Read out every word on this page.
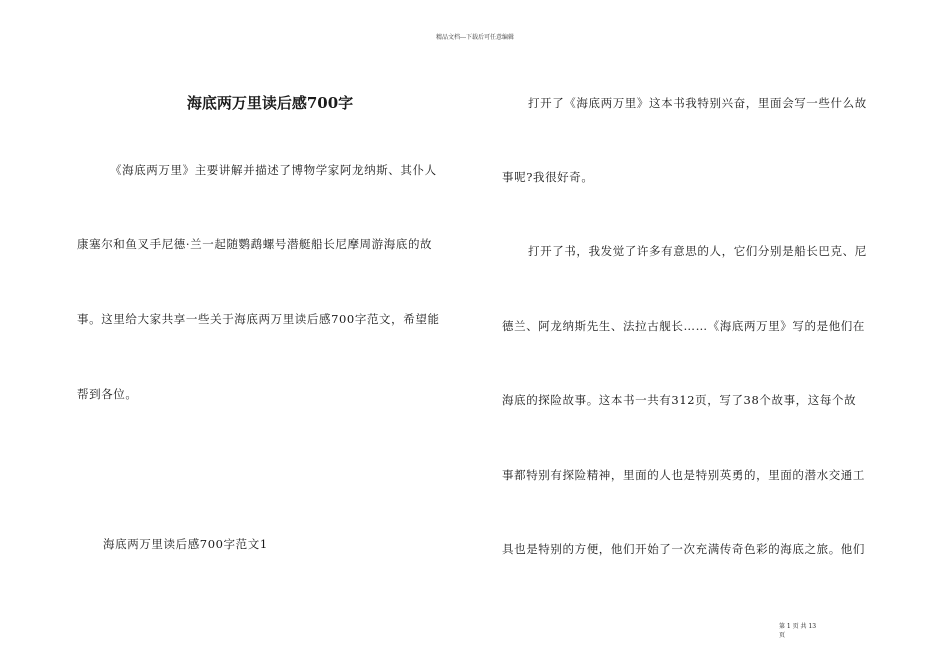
精品文档---下载后可任意编辑
海底两万里读后感700字
《海底两万里》主要讲解并描述了博物学家阿龙纳斯、其仆人
康塞尔和鱼叉手尼德·兰一起随鹦鹉螺号潜艇船长尼摩周游海底的故
事。这里给大家共享一些关于海底两万里读后感700字范文，希望能
帮到各位。
海底两万里读后感700字范文1
打开了《海底两万里》这本书我特别兴奋，里面会写一些什么故
事呢?我很好奇。
打开了书，我发觉了许多有意思的人，它们分别是船长巴克、尼
德兰、阿龙纳斯先生、法拉古舰长……《海底两万里》写的是他们在
海底的探险故事。这本书一共有312页，写了38个故事，这每个故
事都特别有探险精神，里面的人也是特别英勇的，里面的潜水交通工
具也是特别的方便，他们开始了一次充满传奇色彩的海底之旅。他们
第 1 页 共 13
页
